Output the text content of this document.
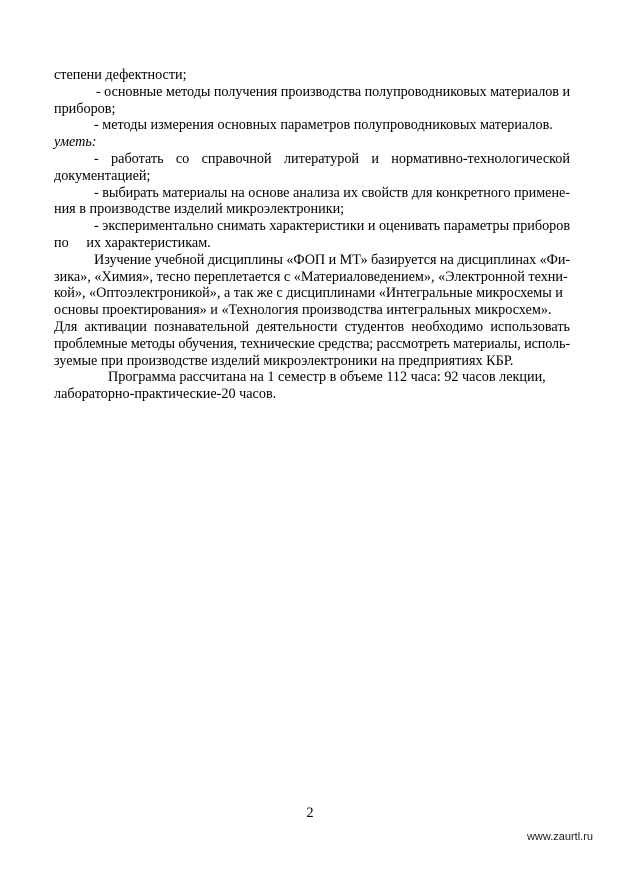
степени дефектности;
- основные методы получения производства полупроводниковых материалов и
приборов;
- методы измерения основных параметров полупроводниковых материалов.
уметь:
- работать со справочной литературой и нормативно-технологической
документацией;
- выбирать материалы на основе анализа их свойств для конкретного примене-
ния в производстве изделий микроэлектроники;
- экспериментально снимать характеристики и оценивать параметры приборов
по     их характеристикам.
Изучение учебной дисциплины «ФОП и МТ» базируется на дисциплинах «Фи-
зика», «Химия», тесно переплетается с «Материаловедением», «Электронной техни-
кой», «Оптоэлектроникой», а так же с дисциплинами «Интегральные микросхемы и
основы проектирования» и «Технология производства интегральных микросхем».
Для активации познавательной деятельности студентов необходимо использовать
проблемные методы обучения, технические средства; рассмотреть материалы, исполь-
зуемые при производстве изделий микроэлектроники на предприятиях КБР.
Программа рассчитана на 1 семестр в объеме 112 часа: 92 часов лекции,
лабораторно-практические-20 часов.
2
www.zaurtl.ru
